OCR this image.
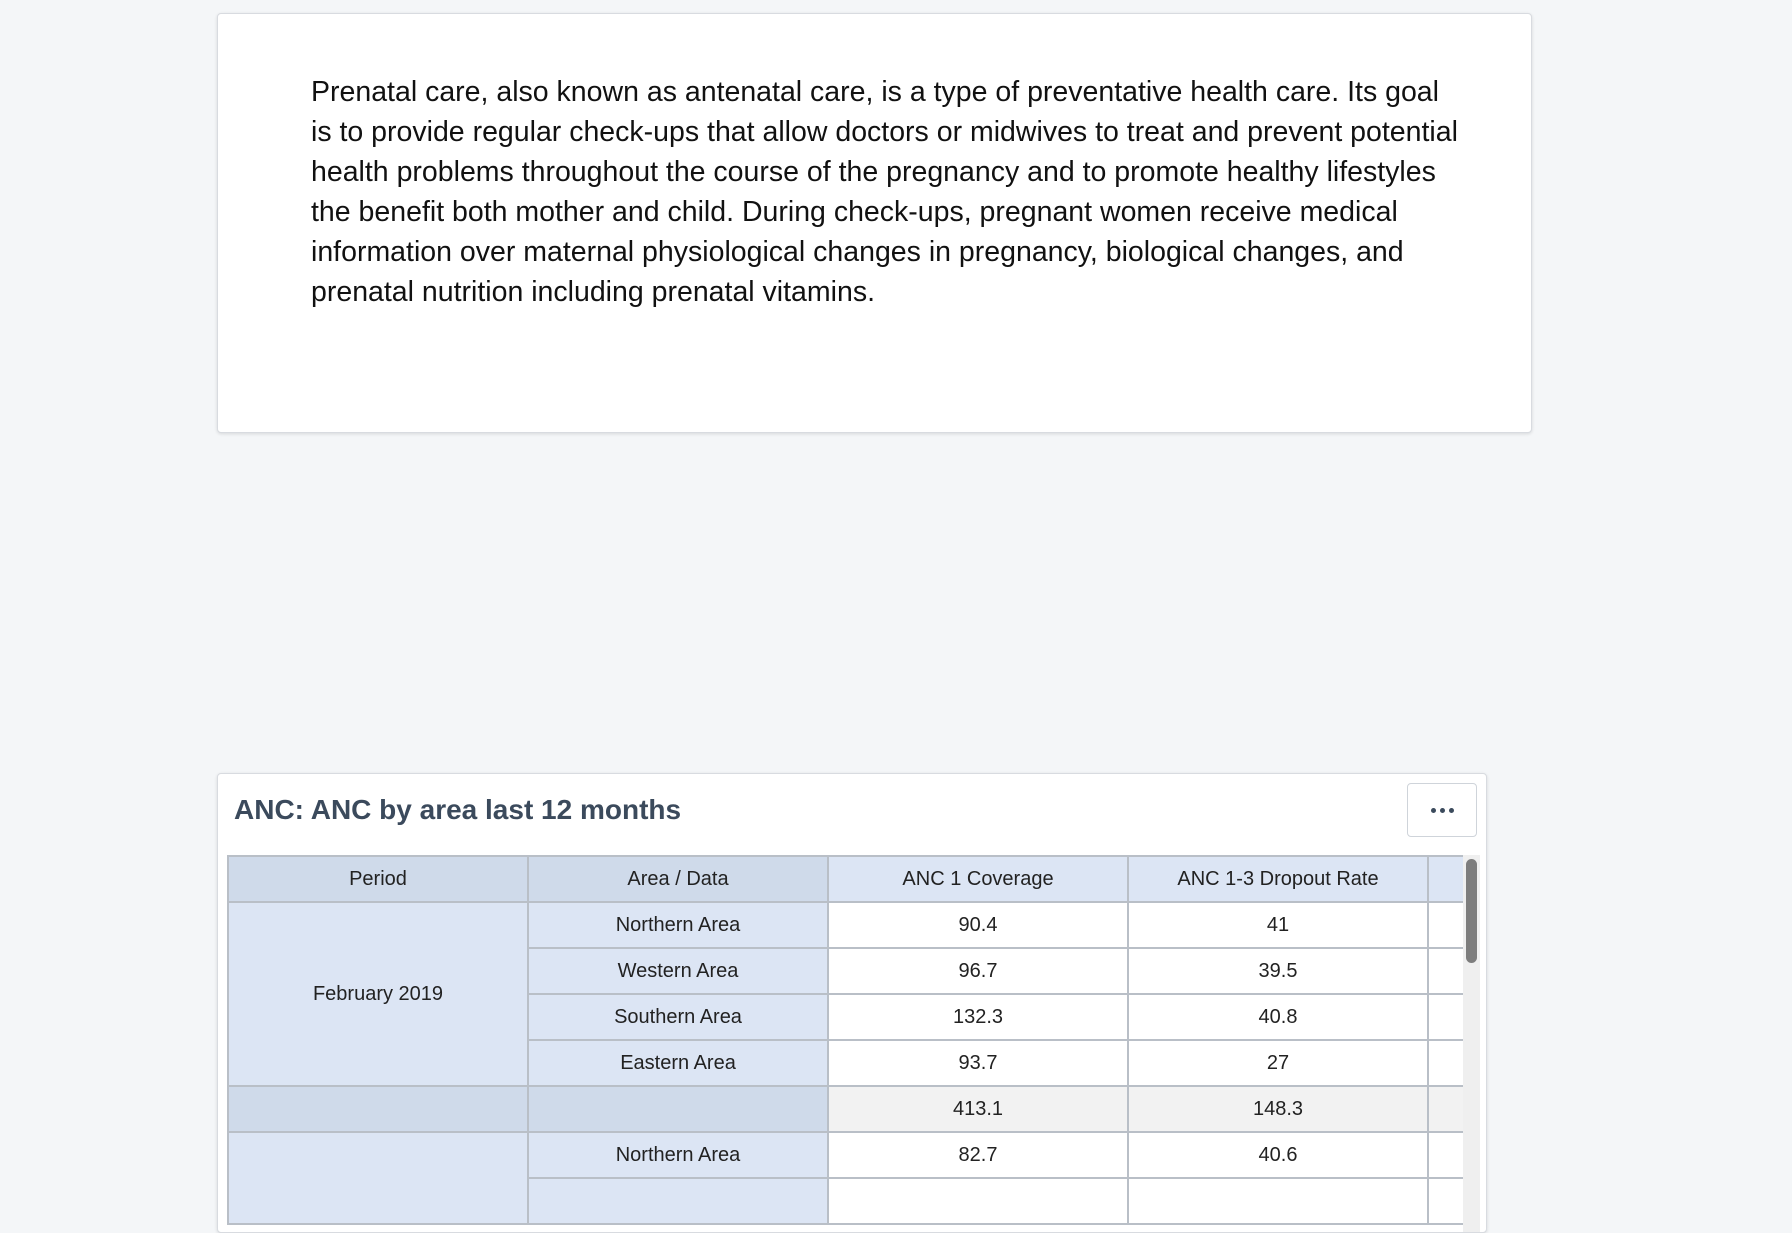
Prenatal care, also known as antenatal care, is a type of preventative health care. Its goal is to provide regular check-ups that allow doctors or midwives to treat and prevent potential health problems throughout the course of the pregnancy and to promote healthy lifestyles the benefit both mother and child. During check-ups, pregnant women receive medical information over maternal physiological changes in pregnancy, biological changes, and prenatal nutrition including prenatal vitamins.

ANC: ANC by area last 12 months
Period	Area / Data	ANC 1 Coverage	ANC 1-3 Dropout Rate	
February 2019	Northern Area	90.4	41	
	Western Area	96.7	39.5	
	Southern Area	132.3	40.8	
	Eastern Area	93.7	27	
		413.1	148.3	
	Northern Area	82.7	40.6	
